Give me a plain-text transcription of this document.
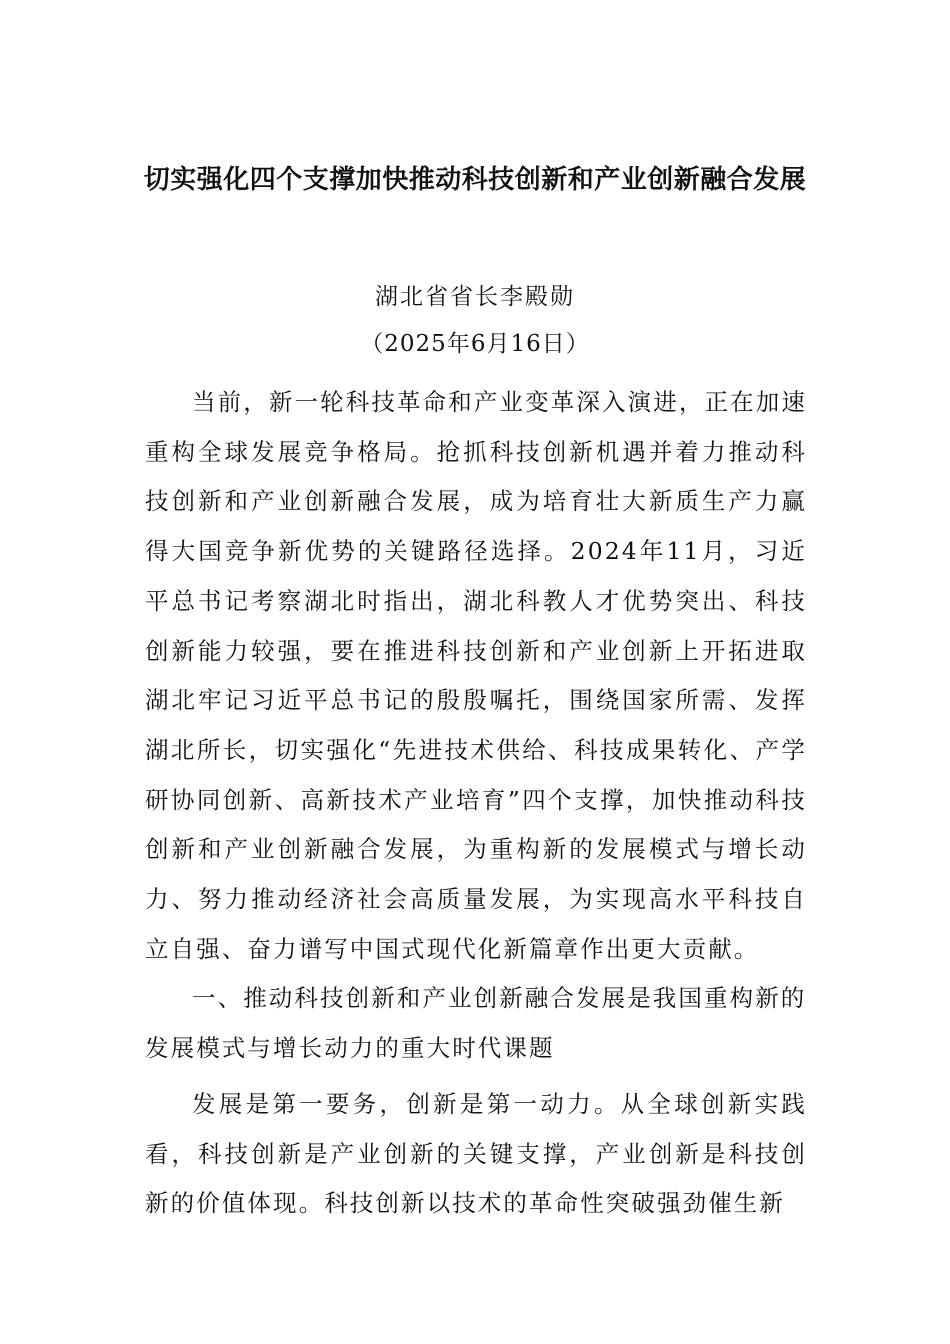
切实强化四个支撑加快推动科技创新和产业创新融合发展
湖北省省长李殿勋
（2025年6月16日）

当前，新一轮科技革命和产业变革深入演进，正在加速重构全球发展竞争格局。抢抓科技创新机遇并着力推动科技创新和产业创新融合发展，成为培育壮大新质生产力赢得大国竞争新优势的关键路径选择。2024年11月，习近平总书记考察湖北时指出，湖北科教人才优势突出、科技创新能力较强，要在推进科技创新和产业创新上开拓进取湖北牢记习近平总书记的殷殷嘱托，围绕国家所需、发挥湖北所长，切实强化“先进技术供给、科技成果转化、产学研协同创新、高新技术产业培育”四个支撑，加快推动科技创新和产业创新融合发展，为重构新的发展模式与增长动力、努力推动经济社会高质量发展，为实现高水平科技自立自强、奋力谱写中国式现代化新篇章作出更大贡献。

一、推动科技创新和产业创新融合发展是我国重构新的发展模式与增长动力的重大时代课题

发展是第一要务，创新是第一动力。从全球创新实践看，科技创新是产业创新的关键支撑，产业创新是科技创新的价值体现。科技创新以技术的革命性突破强劲催生新
